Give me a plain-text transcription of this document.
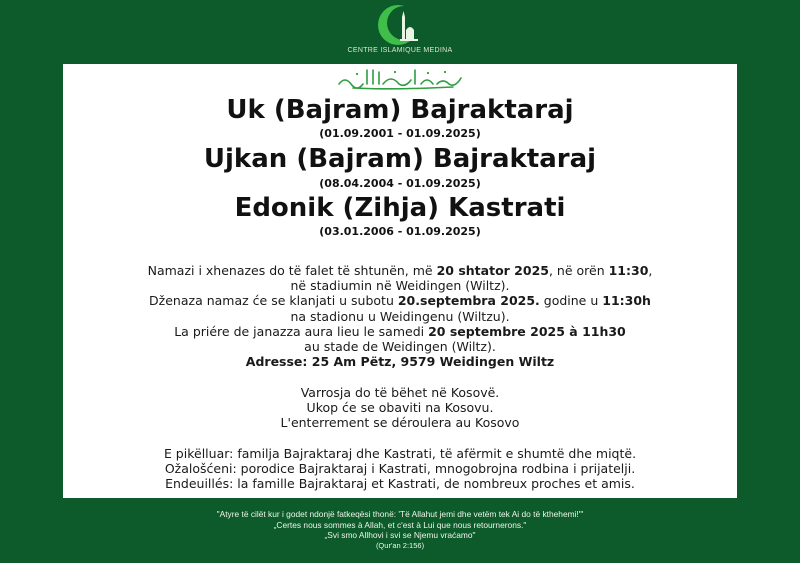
CENTRE ISLAMIQUE MEDINA
Uk (Bajram) Bajraktaraj
(01.09.2001 - 01.09.2025)
Ujkan (Bajram) Bajraktaraj
(08.04.2004 - 01.09.2025)
Edonik (Zihja) Kastrati
(03.01.2006 - 01.09.2025)
Namazi i xhenazes do të falet të shtunën, më 20 shtator 2025, në orën 11:30,
në stadiumin në Weidingen (Wiltz).
Dženaza namaz će se klanjati u subotu 20.septembra 2025. godine u 11:30h
na stadionu u Weidingenu (Wiltzu).
La priére de janazza aura lieu le samedi 20 septembre 2025 à 11h30
au stade de Weidingen (Wiltz).
Adresse: 25 Am Pëtz, 9579 Weidingen Wiltz
Varrosja do të bëhet në Kosovë.
Ukop će se obaviti na Kosovu.
L'enterrement se déroulera au Kosovo
E pikëlluar: familja Bajraktaraj dhe Kastrati, të afërmit e shumtë dhe miqtë.
Ožalošćeni: porodice Bajraktaraj i Kastrati, mnogobrojna rodbina i prijatelji.
Endeuillés: la famille Bajraktaraj et Kastrati, de nombreux proches et amis.
"Atyre të cilët kur i godet ndonjë fatkeqësi thonë: 'Të Allahut jemi dhe vetëm tek Ai do të kthehemi!'"
„Certes nous sommes à Allah, et c'est à Lui que nous retournerons."
„Svi smo Allhovi i svi se Njemu vraćamo"
(Qur'an 2:156)
